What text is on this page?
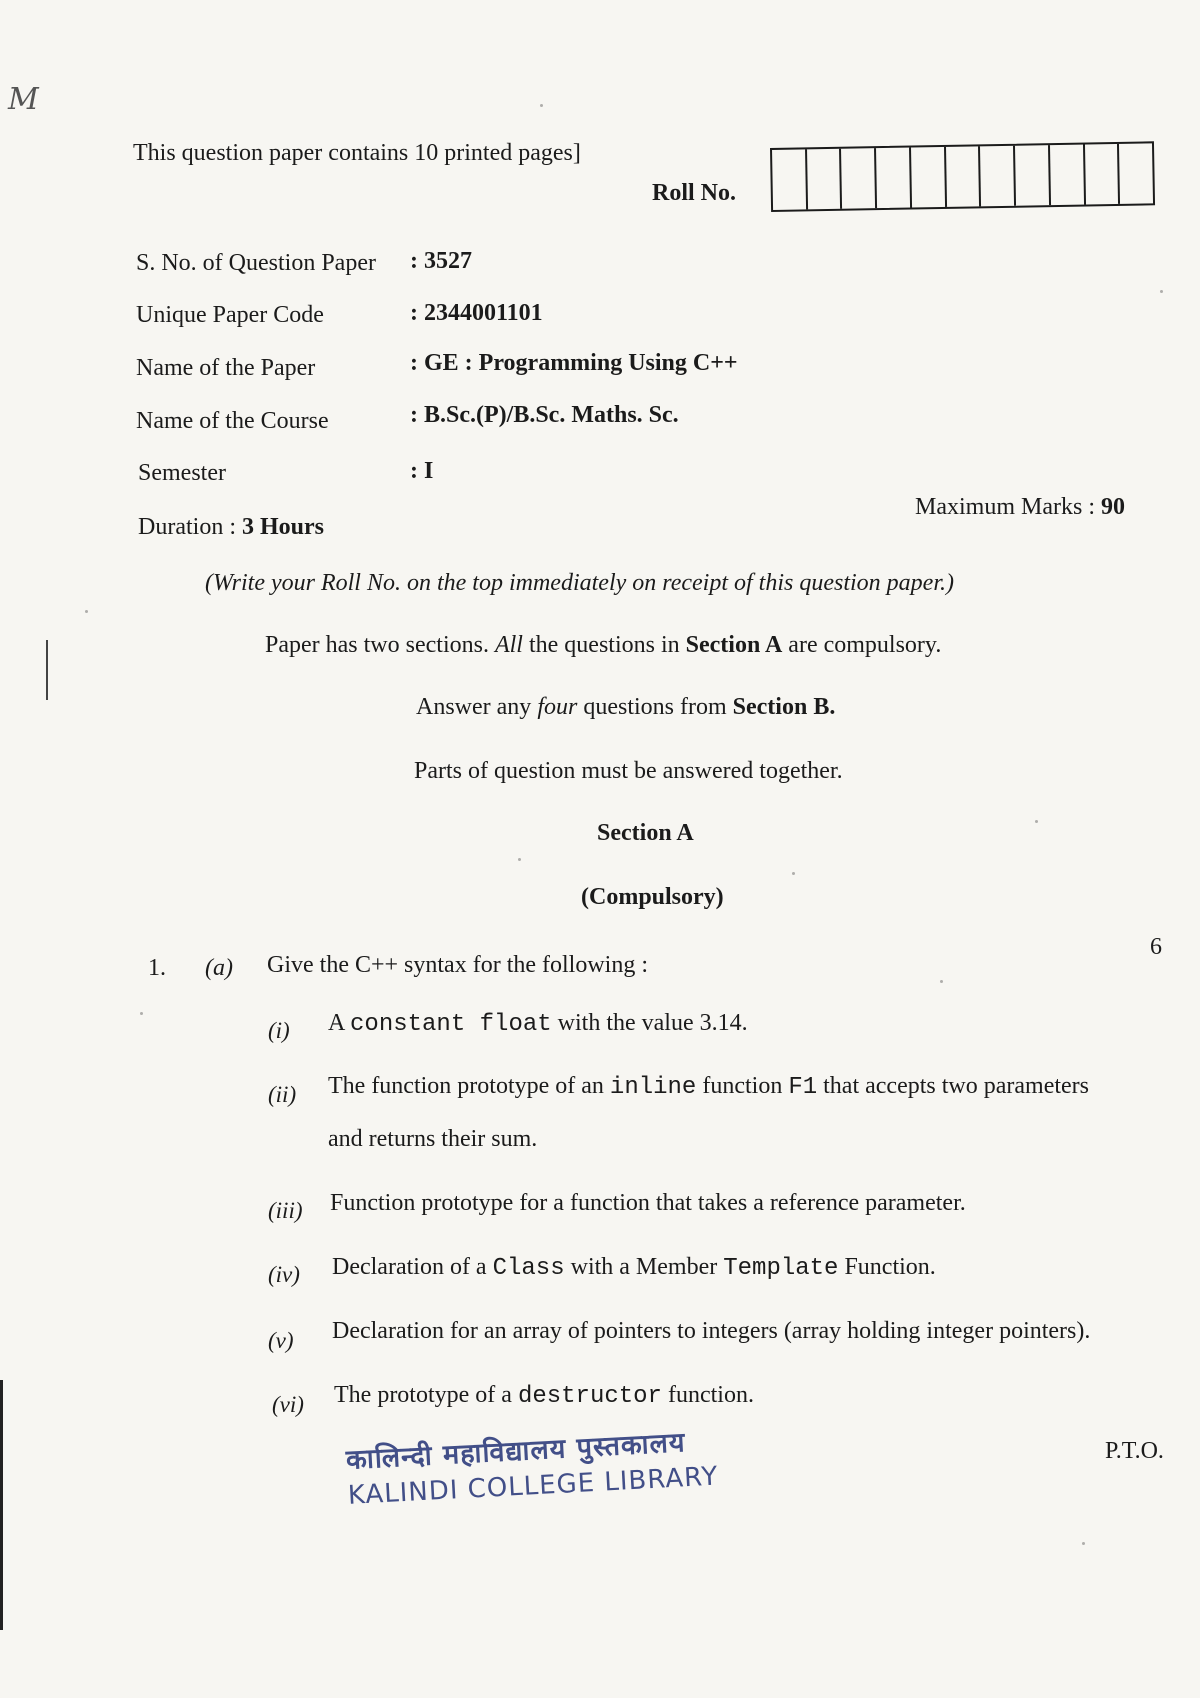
M
This question paper contains 10 printed pages]
Roll No.
S. No. of Question Paper : 3527
Unique Paper Code	: 2344001101
Name of the Paper	: GE : Programming Using C++
Name of the Course	: B.Sc.(P)/B.Sc. Maths. Sc.
Semester	: I
Duration : 3 Hours
Maximum Marks : 90
(Write your Roll No. on the top immediately on receipt of this question paper.)
Paper has two sections. All the questions in Section A are compulsory.
Answer any four questions from Section B.
Parts of question must be answered together.
Section A
(Compulsory)
1. (a) Give the C++ syntax for the following :
6
(i) A constant float with the value 3.14.
(ii) The function prototype of an inline function F1 that accepts two parameters
and returns their sum.
(iii) Function prototype for a function that takes a reference parameter.
(iv) Declaration of a Class with a Member Template Function.
(v) Declaration for an array of pointers to integers (array holding integer pointers).
(vi) The prototype of a destructor function.
P.T.O.
कालिन्दी महाविद्यालय पुस्तकालय
KALINDI COLLEGE LIBRARY
